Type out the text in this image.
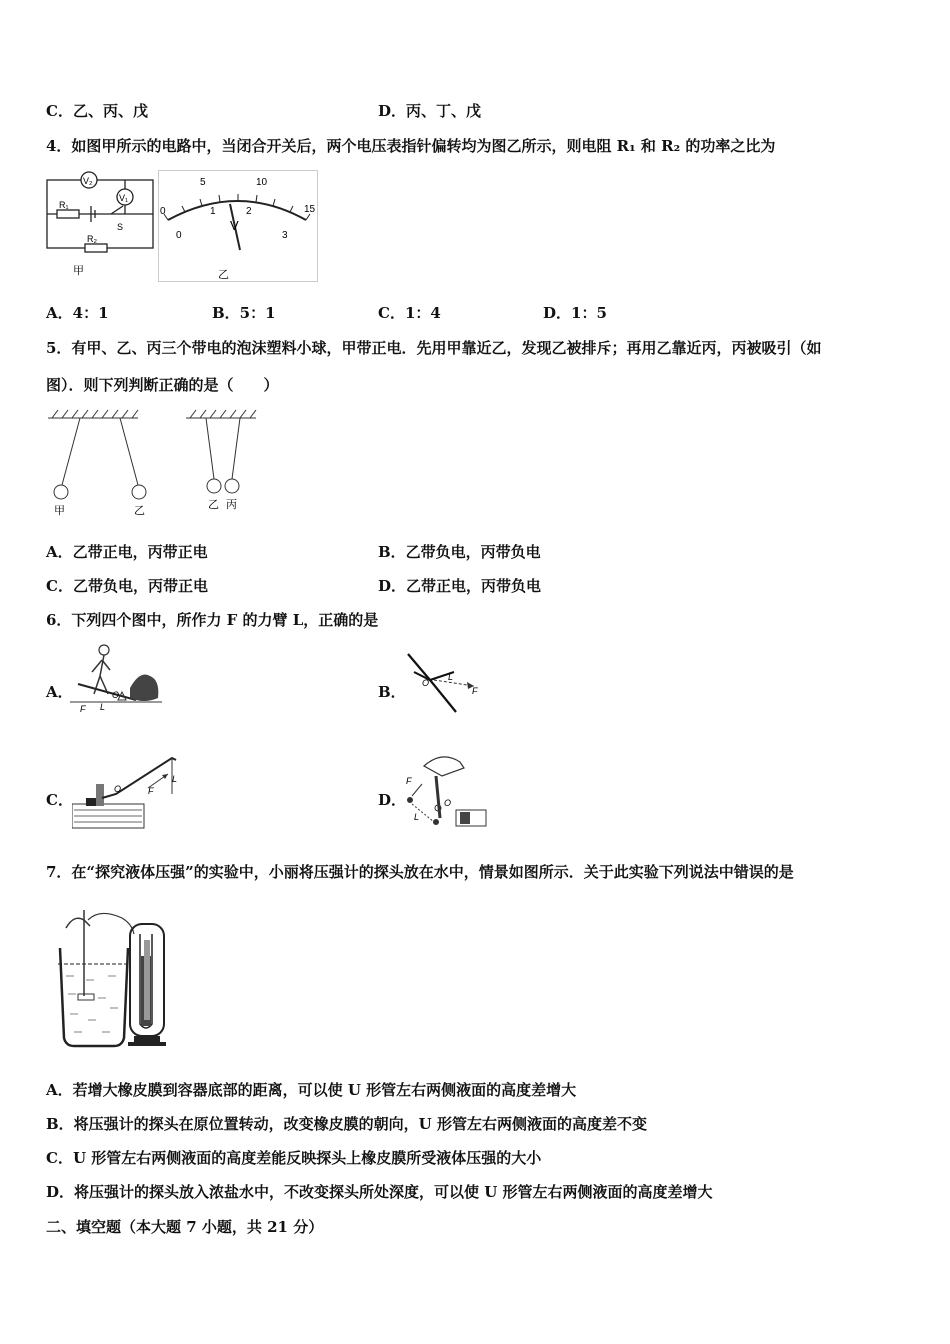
C．乙、丙、戊	D．丙、丁、戊
4．如图甲所示的电路中，当闭合开关后，两个电压表指针偏转均为图乙所示，则电阻 R₁ 和 R₂ 的功率之比为
V₂
V₁
R₁
R₂
S
甲
0
5	10
15
0
1	2
3
V
乙
A．4：1	B．5：1	C．1：4	D．1：5
5．有甲、乙、丙三个带电的泡沫塑料小球，甲带正电．先用甲靠近乙，发现乙被排斥；再用乙靠近丙，丙被吸引（如
图）．则下列判断正确的是（　　）
甲	乙	乙 丙
A．乙带正电，丙带正电	B．乙带负电，丙带负电
C．乙带负电，丙带正电	D．乙带正电，丙带负电
6．下列四个图中，所作力 F 的力臂 L，正确的是
A．
F L
O	B． O
L
F
C．
O	F
L
D．
F
L
O
7．在“探究液体压强”的实验中，小丽将压强计的探头放在水中，情景如图所示．关于此实验下列说法中错误的是
A．若增大橡皮膜到容器底部的距离，可以使 U 形管左右两侧液面的高度差增大
B．将压强计的探头在原位置转动，改变橡皮膜的朝向，U 形管左右两侧液面的高度差不变
C．U 形管左右两侧液面的高度差能反映探头上橡皮膜所受液体压强的大小
D．将压强计的探头放入浓盐水中，不改变探头所处深度，可以使 U 形管左右两侧液面的高度差增大
二、填空题（本大题 7 小题，共 21 分）
